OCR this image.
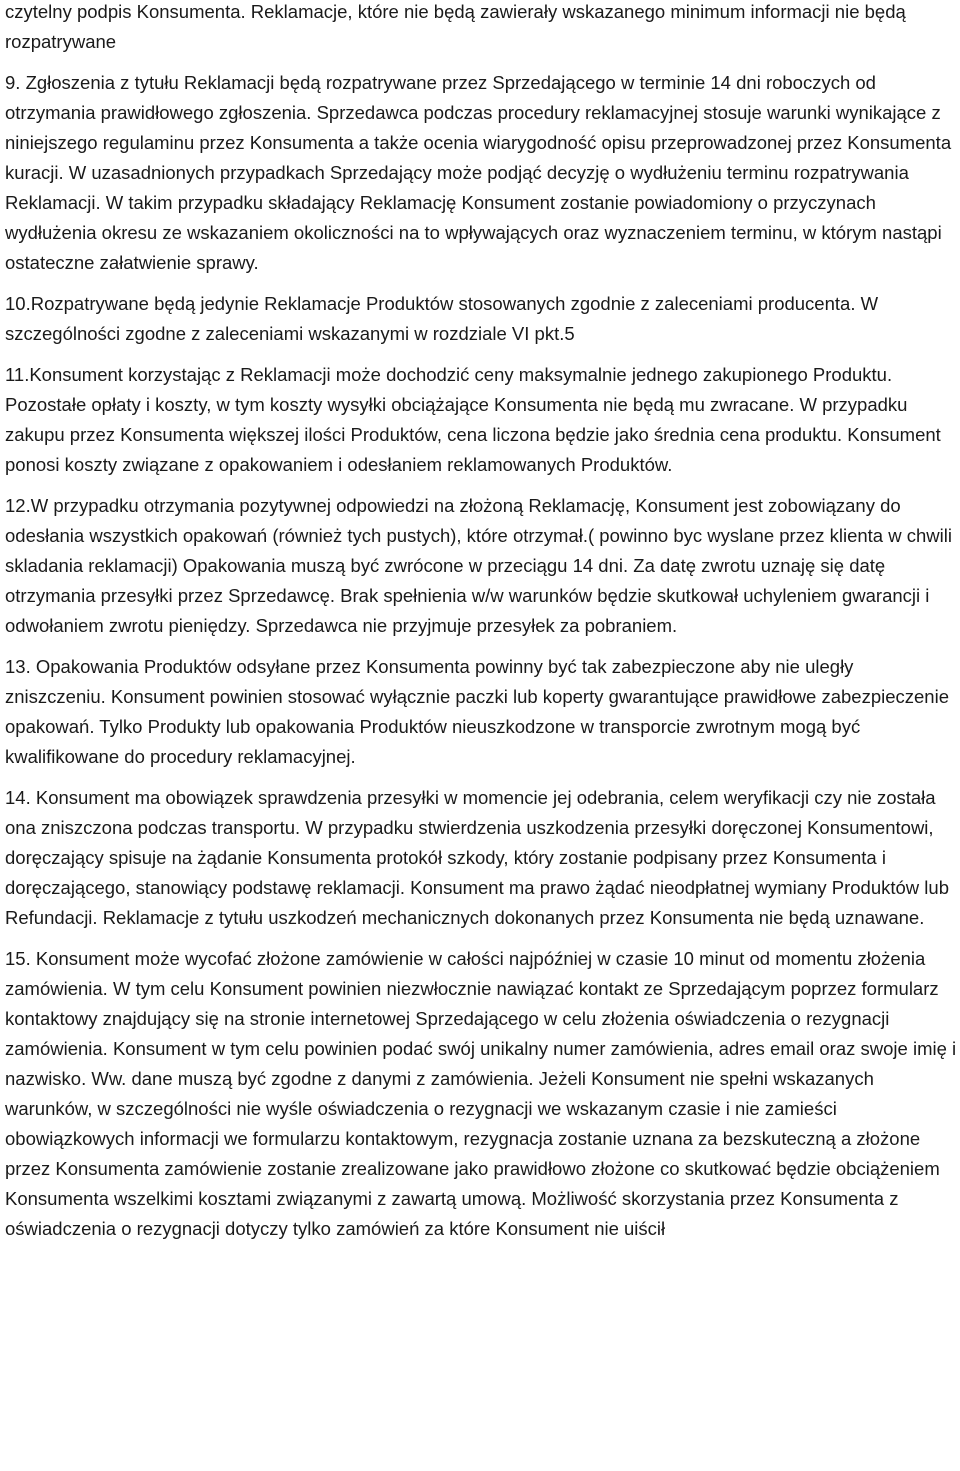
czytelny podpis Konsumenta. Reklamacje, które nie będą zawierały wskazanego minimum informacji nie będą rozpatrywane

9. Zgłoszenia z tytułu Reklamacji będą rozpatrywane przez Sprzedającego w terminie 14 dni roboczych od otrzymania prawidłowego zgłoszenia. Sprzedawca podczas procedury reklamacyjnej stosuje warunki wynikające z niniejszego regulaminu przez Konsumenta a także ocenia wiarygodność opisu przeprowadzonej przez Konsumenta kuracji. W uzasadnionych przypadkach Sprzedający może podjąć decyzję o wydłużeniu terminu rozpatrywania Reklamacji. W takim przypadku składający Reklamację Konsument zostanie powiadomiony o przyczynach wydłużenia okresu ze wskazaniem okoliczności na to wpływających oraz wyznaczeniem terminu, w którym nastąpi ostateczne załatwienie sprawy.

10.Rozpatrywane będą jedynie Reklamacje Produktów stosowanych zgodnie z zaleceniami producenta. W szczególności zgodne z zaleceniami wskazanymi w rozdziale VI pkt.5

11.Konsument korzystając z Reklamacji może dochodzić ceny maksymalnie jednego zakupionego Produktu. Pozostałe opłaty i koszty, w tym koszty wysyłki obciążające Konsumenta nie będą mu zwracane. W przypadku zakupu przez Konsumenta większej ilości Produktów, cena liczona będzie jako średnia cena produktu. Konsument ponosi koszty związane z opakowaniem i odesłaniem reklamowanych Produktów.

12.W przypadku otrzymania pozytywnej odpowiedzi na złożoną Reklamację, Konsument jest zobowiązany do odesłania wszystkich opakowań (również tych pustych), które otrzymał.( powinno byc wyslane przez klienta w chwili skladania reklamacji) Opakowania muszą być zwrócone w przeciągu 14 dni. Za datę zwrotu uznaję się datę otrzymania przesyłki przez Sprzedawcę. Brak spełnienia w/w warunków będzie skutkował uchyleniem gwarancji i odwołaniem zwrotu pieniędzy. Sprzedawca nie przyjmuje przesyłek za pobraniem.

13. Opakowania Produktów odsyłane przez Konsumenta powinny być tak zabezpieczone aby nie uległy zniszczeniu. Konsument powinien stosować wyłącznie paczki lub koperty gwarantujące prawidłowe zabezpieczenie opakowań. Tylko Produkty lub opakowania Produktów nieuszkodzone w transporcie zwrotnym mogą być kwalifikowane do procedury reklamacyjnej.

14. Konsument ma obowiązek sprawdzenia przesyłki w momencie jej odebrania, celem weryfikacji czy nie została ona zniszczona podczas transportu. W przypadku stwierdzenia uszkodzenia przesyłki doręczonej Konsumentowi, doręczający spisuje na żądanie Konsumenta protokół szkody, który zostanie podpisany przez Konsumenta i doręczającego, stanowiący podstawę reklamacji. Konsument ma prawo żądać nieodpłatnej wymiany Produktów lub Refundacji. Reklamacje z tytułu uszkodzeń mechanicznych dokonanych przez Konsumenta nie będą uznawane.

15. Konsument może wycofać złożone zamówienie w całości najpóźniej w czasie 10 minut od momentu złożenia zamówienia. W tym celu Konsument powinien niezwłocznie nawiązać kontakt ze Sprzedającym poprzez formularz kontaktowy znajdujący się na stronie internetowej Sprzedającego w celu złożenia oświadczenia o rezygnacji zamówienia. Konsument w tym celu powinien podać swój unikalny numer zamówienia, adres email oraz swoje imię i nazwisko. Ww. dane muszą być zgodne z danymi z zamówienia. Jeżeli Konsument nie spełni wskazanych warunków, w szczególności nie wyśle oświadczenia o rezygnacji we wskazanym czasie i nie zamieści obowiązkowych informacji we formularzu kontaktowym, rezygnacja zostanie uznana za bezskuteczną a złożone przez Konsumenta zamówienie zostanie zrealizowane jako prawidłowo złożone co skutkować będzie obciążeniem Konsumenta wszelkimi kosztami związanymi z zawartą umową. Możliwość skorzystania przez Konsumenta z oświadczenia o rezygnacji dotyczy tylko zamówień za które Konsument nie uiścił
